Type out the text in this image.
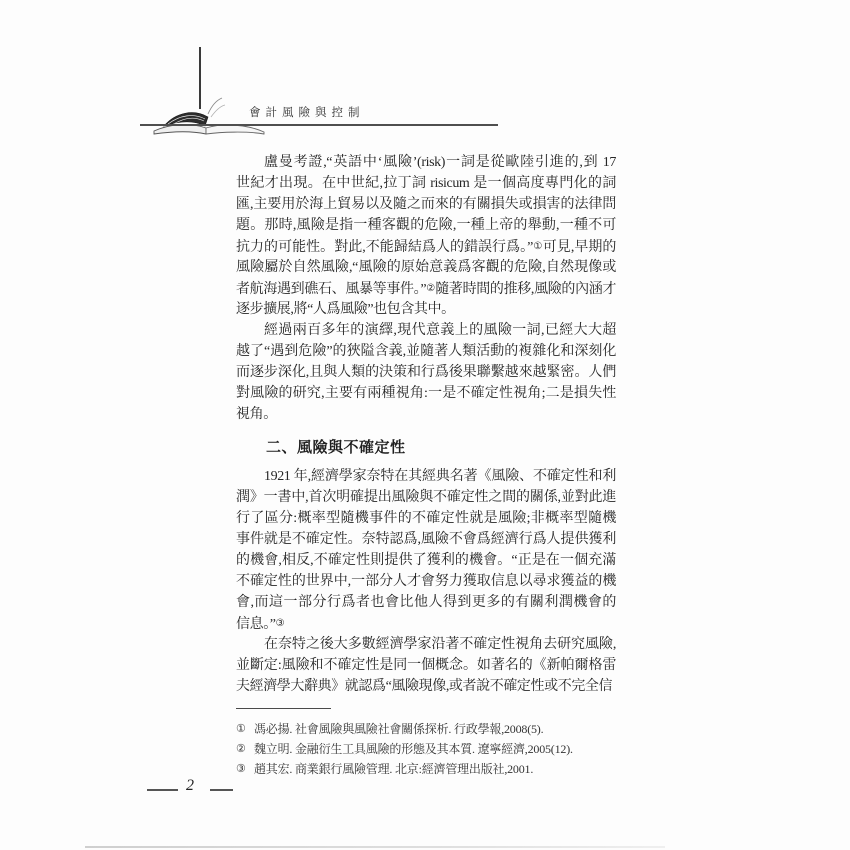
會計風險與控制
盧曼考證,“英語中‘風險’(risk)一詞是從歐陸引進的,到 17
世紀才出現。在中世紀,拉丁詞 risicum 是一個高度專門化的詞
匯,主要用於海上貿易以及隨之而來的有關損失或損害的法律問
題。那時,風險是指一種客觀的危險,一種上帝的舉動,一種不可
抗力的可能性。對此,不能歸結爲人的錯誤行爲。”①可見,早期的
風險屬於自然風險,“風險的原始意義爲客觀的危險,自然現像或
者航海遇到礁石、風暴等事件。”②隨著時間的推移,風險的內涵才
逐步擴展,將“人爲風險”也包含其中。
經過兩百多年的演繹,現代意義上的風險一詞,已經大大超
越了“遇到危險”的狹隘含義,並隨著人類活動的複雜化和深刻化
而逐步深化,且與人類的決策和行爲後果聯繫越來越緊密。人們
對風險的研究,主要有兩種視角:一是不確定性視角;二是損失性
視角。
二、風險與不確定性
1921 年,經濟學家奈特在其經典名著《風險、不確定性和利
潤》一書中,首次明確提出風險與不確定性之間的關係,並對此進
行了區分:概率型隨機事件的不確定性就是風險;非概率型隨機
事件就是不確定性。奈特認爲,風險不會爲經濟行爲人提供獲利
的機會,相反,不確定性則提供了獲利的機會。“正是在一個充滿
不確定性的世界中,一部分人才會努力獲取信息以尋求獲益的機
會,而這一部分行爲者也會比他人得到更多的有關利潤機會的
信息。”③
在奈特之後大多數經濟學家沿著不確定性視角去研究風險,
並斷定:風險和不確定性是同一個概念。如著名的《新帕爾格雷
夫經濟學大辭典》就認爲“風險現像,或者說不確定性或不完全信
① 馮必揚. 社會風險與風險社會關係探析. 行政學報,2008(5).
② 魏立明. 金融衍生工具風險的形態及其本質. 遼寧經濟,2005(12).
③ 趙其宏. 商業銀行風險管理. 北京:經濟管理出版社,2001.
2
